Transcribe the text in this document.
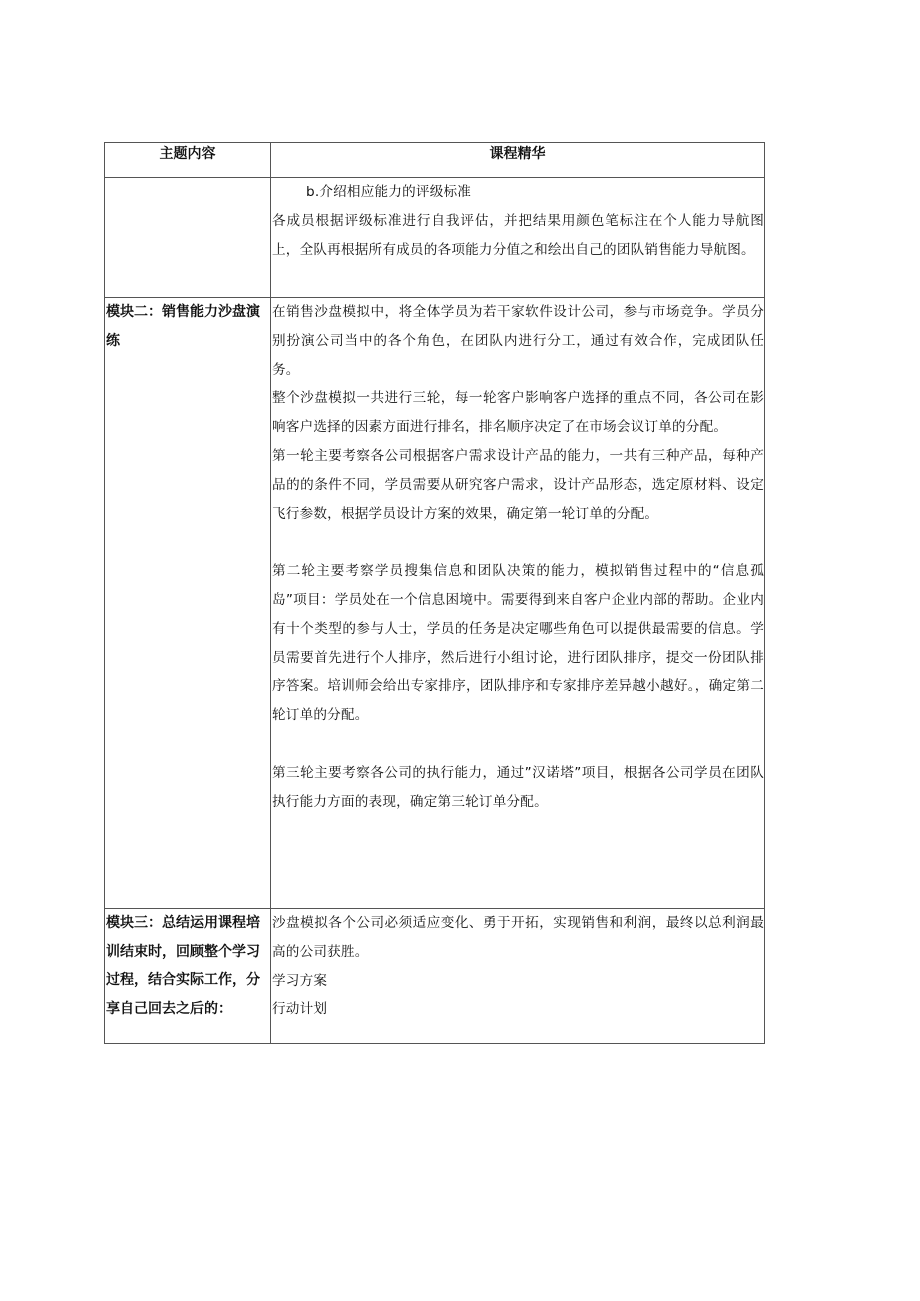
主题内容	课程精华

	b.介绍相应能力的评级标准

各成员根据评级标准进行自我评估，并把结果用颜色笔标注在个人能力导航图上，全队再根据所有成员的各项能力分值之和绘出自己的团队销售能力导航图。

模块二：销售能力沙盘演练	在销售沙盘模拟中，将全体学员为若干家软件设计公司，参与市场竞争。学员分别扮演公司当中的各个角色，在团队内进行分工，通过有效合作，完成团队任务。

整个沙盘模拟一共进行三轮，每一轮客户影响客户选择的重点不同，各公司在影响客户选择的因素方面进行排名，排名顺序决定了在市场会议订单的分配。

第一轮主要考察各公司根据客户需求设计产品的能力，一共有三种产品，每种产品的的条件不同，学员需要从研究客户需求，设计产品形态，选定原材料、设定飞行参数，根据学员设计方案的效果，确定第一轮订单的分配。

第二轮主要考察学员搜集信息和团队决策的能力，模拟销售过程中的“信息孤岛”项目：学员处在一个信息困境中。需要得到来自客户企业内部的帮助。企业内有十个类型的参与人士，学员的任务是决定哪些角色可以提供最需要的信息。学员需要首先进行个人排序，然后进行小组讨论，进行团队排序，提交一份团队排序答案。培训师会给出专家排序，团队排序和专家排序差异越小越好。，确定第二轮订单的分配。

第三轮主要考察各公司的执行能力，通过”汉诺塔”项目，根据各公司学员在团队执行能力方面的表现，确定第三轮订单分配。

模块三：总结运用课程培训结束时，回顾整个学习过程，结合实际工作，分享自己回去之后的：	沙盘模拟各个公司必须适应变化、勇于开拓，实现销售和利润，最终以总利润最高的公司获胜。

学习方案

行动计划
